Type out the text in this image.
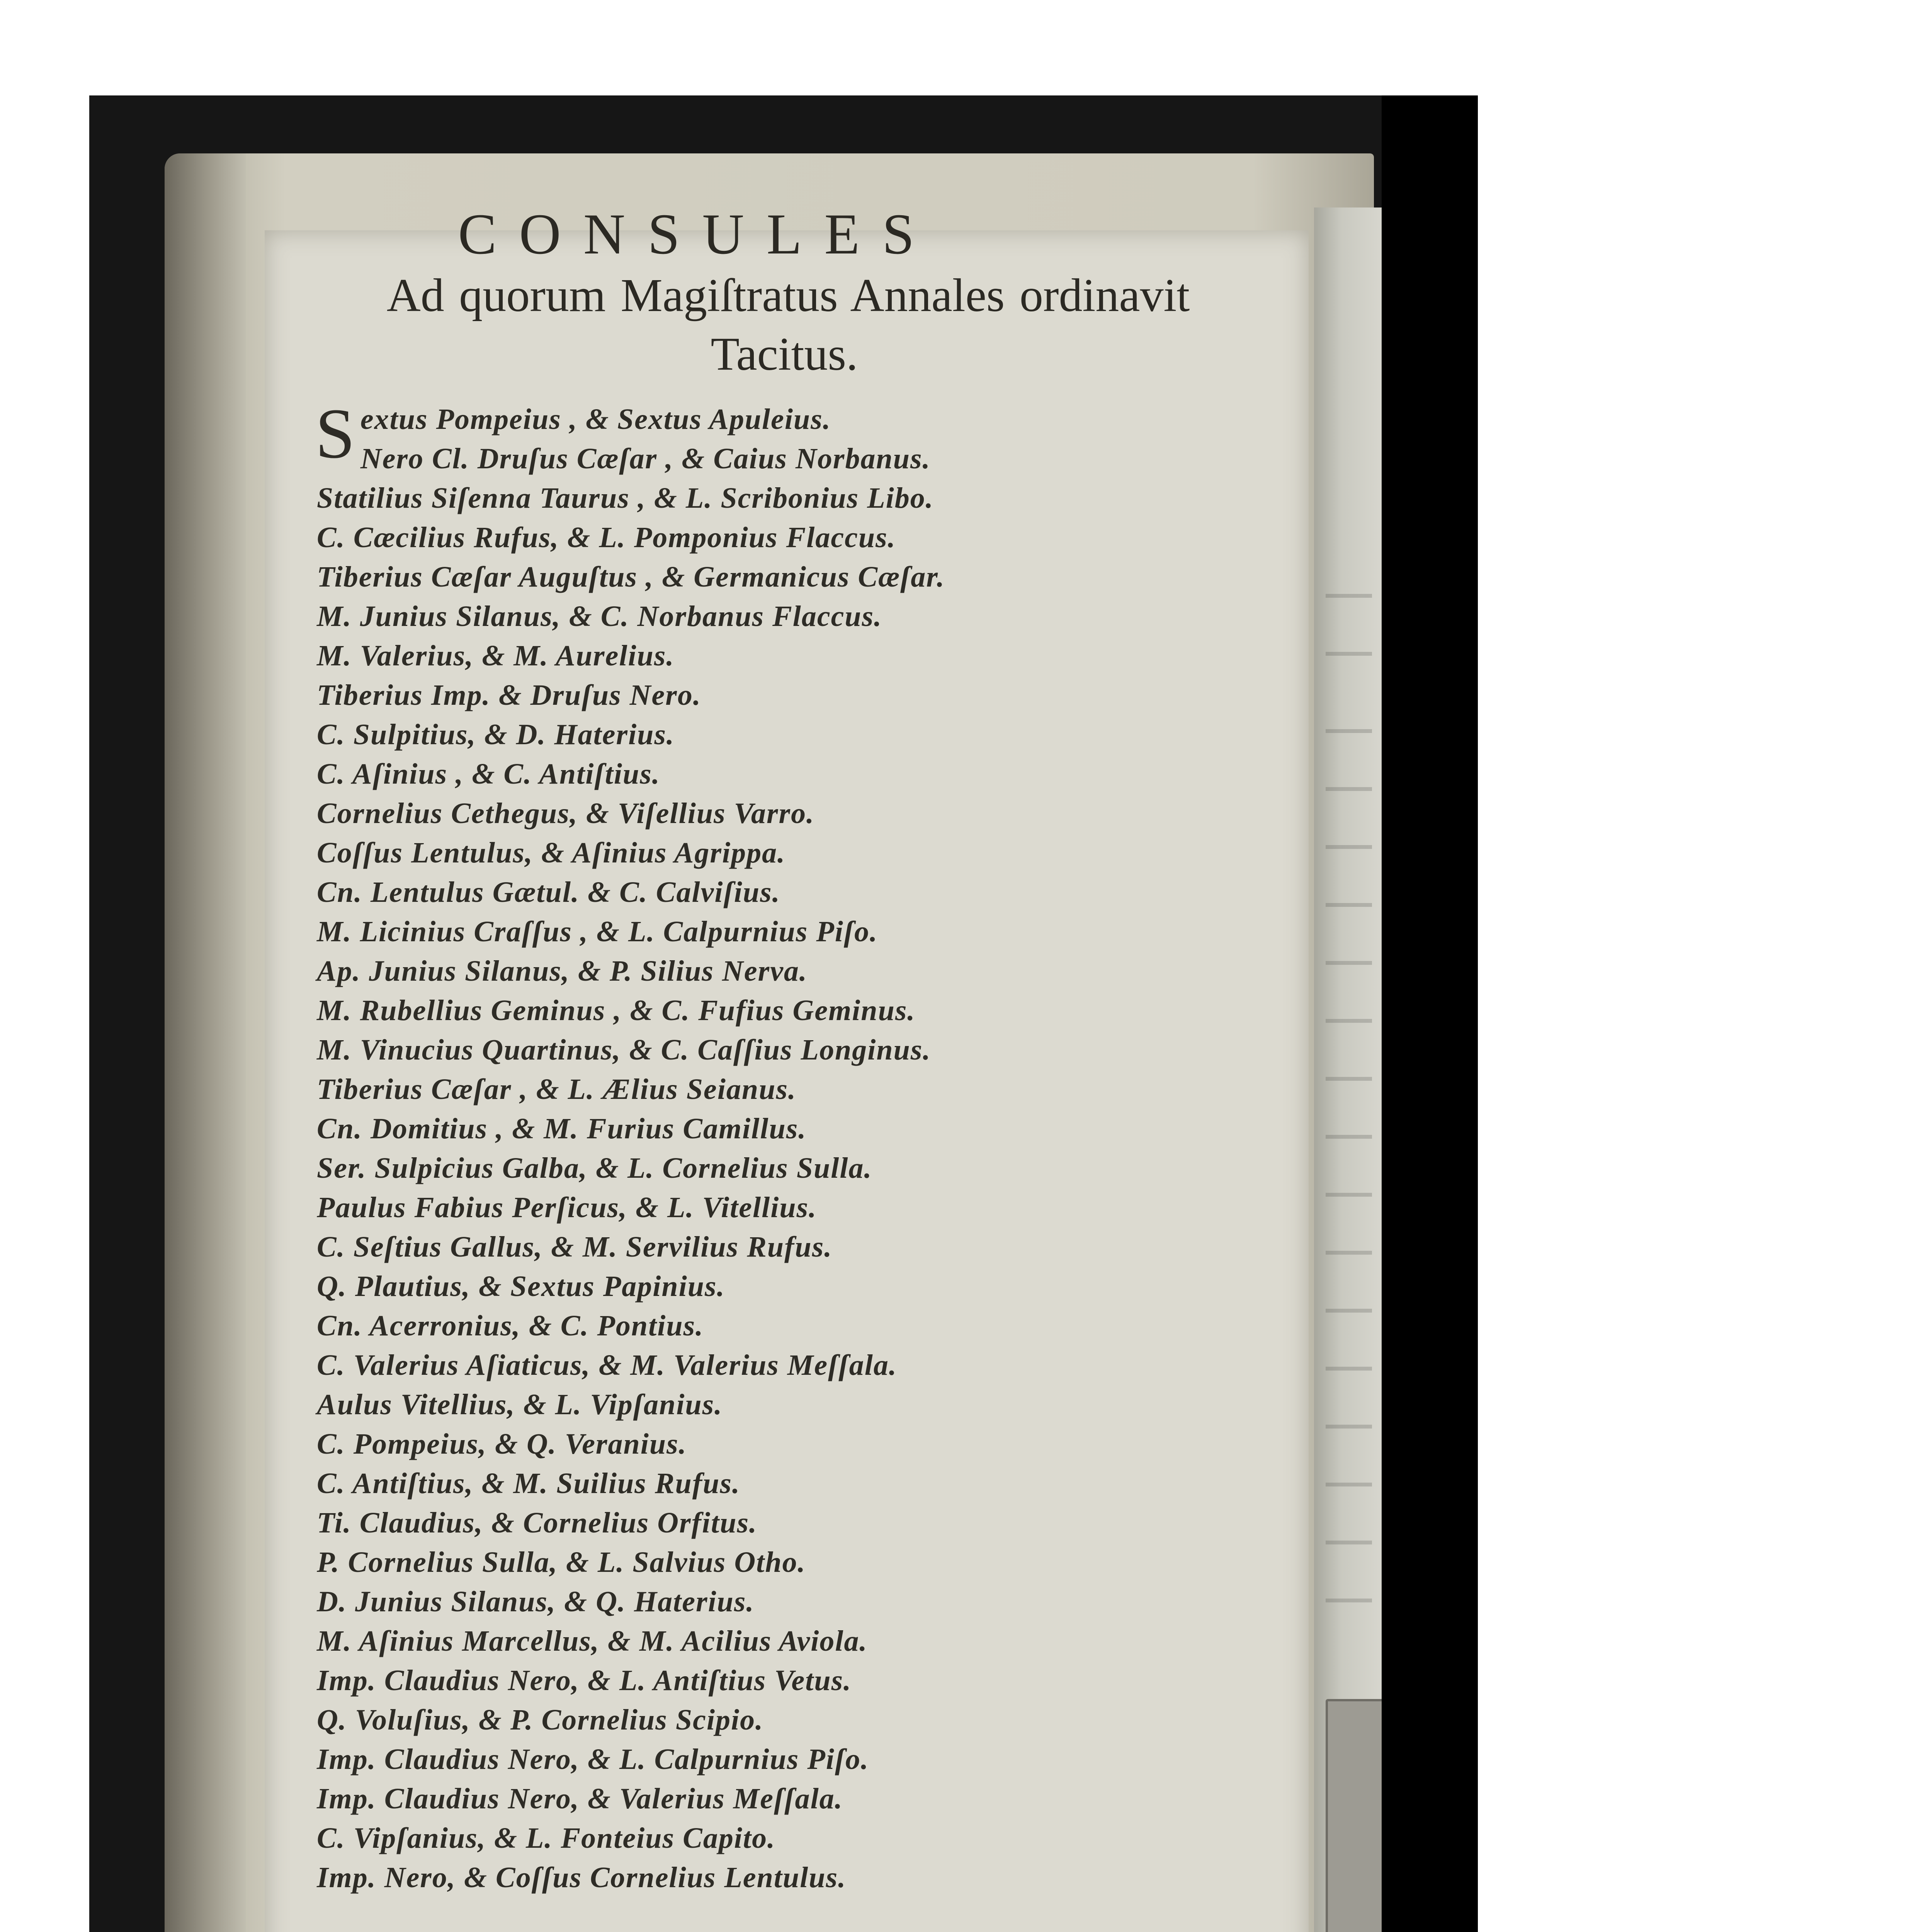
CONSULES
Ad quorum Magiſtratus Annales ordinavit
Tacitus.
Sextus Pompeius , & Sextus Apuleius.
Nero Cl. Druſus Cæſar , & Caius Norbanus.
Statilius Siſenna Taurus , & L. Scribonius Libo.
C. Cæcilius Rufus, & L. Pomponius Flaccus.
Tiberius Cæſar Auguſtus , & Germanicus Cæſar.
M. Junius Silanus, & C. Norbanus Flaccus.
M. Valerius, & M. Aurelius.
Tiberius Imp. & Druſus Nero.
C. Sulpitius, & D. Haterius.
C. Aſinius , & C. Antiſtius.
Cornelius Cethegus, & Viſellius Varro.
Coſſus Lentulus, & Aſinius Agrippa.
Cn. Lentulus Gætul. & C. Calviſius.
M. Licinius Craſſus , & L. Calpurnius Piſo.
Ap. Junius Silanus, & P. Silius Nerva.
M. Rubellius Geminus , & C. Fufius Geminus.
M. Vinucius Quartinus, & C. Caſſius Longinus.
Tiberius Cæſar , & L. Ælius Seianus.
Cn. Domitius , & M. Furius Camillus.
Ser. Sulpicius Galba, & L. Cornelius Sulla.
Paulus Fabius Perſicus, & L. Vitellius.
C. Seſtius Gallus, & M. Servilius Rufus.
Q. Plautius, & Sextus Papinius.
Cn. Acerronius, & C. Pontius.
C. Valerius Aſiaticus, & M. Valerius Meſſala.
Aulus Vitellius, & L. Vipſanius.
C. Pompeius, & Q. Veranius.
C. Antiſtius, & M. Suilius Rufus.
Ti. Claudius, & Cornelius Orfitus.
P. Cornelius Sulla, & L. Salvius Otho.
D. Junius Silanus, & Q. Haterius.
M. Aſinius Marcellus, & M. Acilius Aviola.
Imp. Claudius Nero, & L. Antiſtius Vetus.
Q. Voluſius, & P. Cornelius Scipio.
Imp. Claudius Nero, & L. Calpurnius Piſo.
Imp. Claudius Nero, & Valerius Meſſala.
C. Vipſanius, & L. Fonteius Capito.
Imp. Nero, & Coſſus Cornelius Lentulus.
